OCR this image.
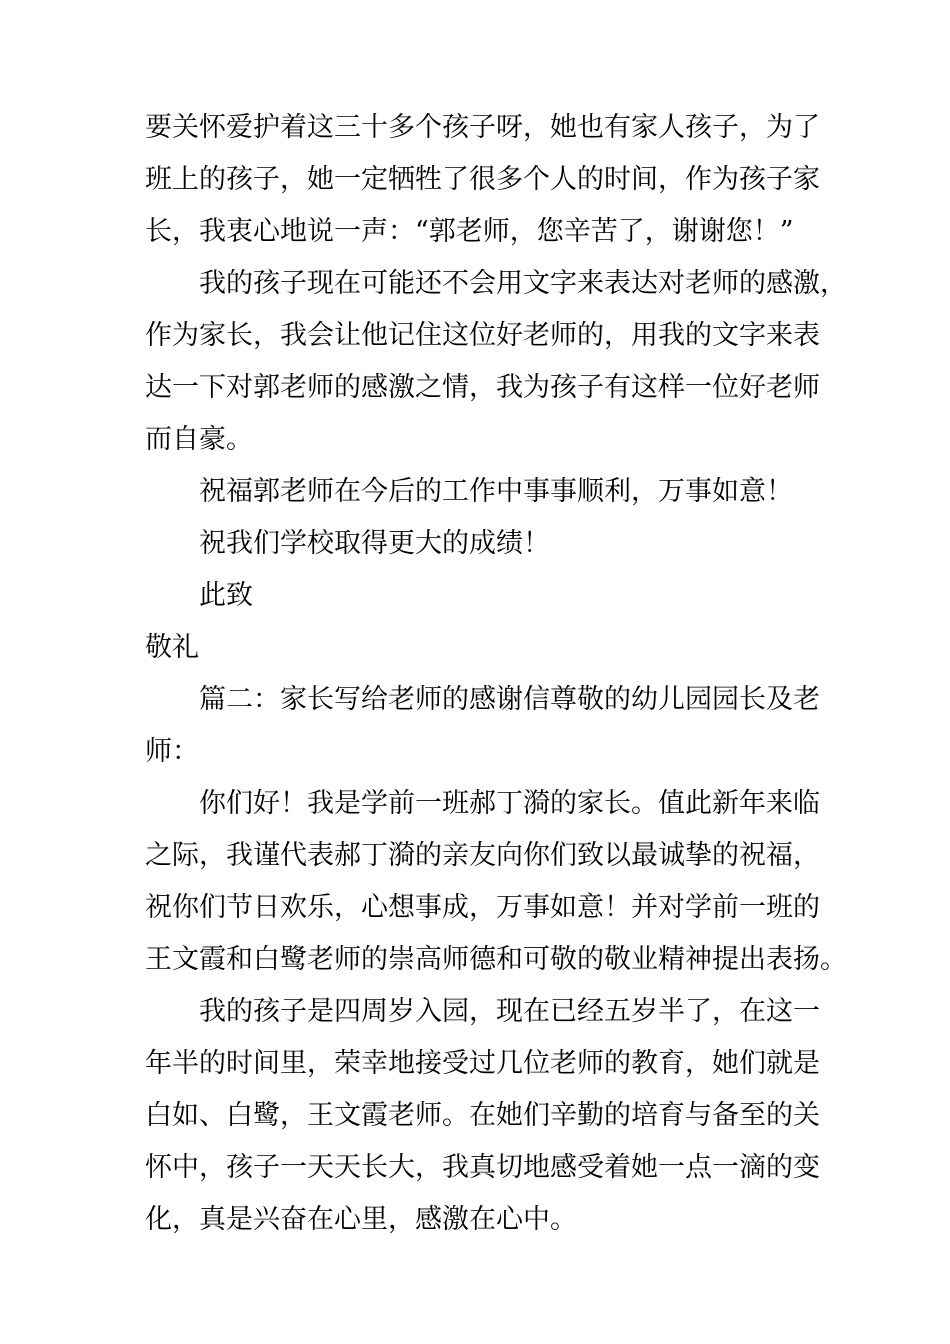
要关怀爱护着这三十多个孩子呀，她也有家人孩子，为了
班上的孩子，她一定牺牲了很多个人的时间，作为孩子家
长，我衷心地说一声：“郭老师，您辛苦了，谢谢您！”
我的孩子现在可能还不会用文字来表达对老师的感激，
作为家长，我会让他记住这位好老师的，用我的文字来表
达一下对郭老师的感激之情，我为孩子有这样一位好老师
而自豪。
祝福郭老师在今后的工作中事事顺利，万事如意！
祝我们学校取得更大的成绩！
此致
敬礼
篇二：家长写给老师的感谢信尊敬的幼儿园园长及老
师：
你们好！我是学前一班郝丁漪的家长。值此新年来临
之际，我谨代表郝丁漪的亲友向你们致以最诚挚的祝福，
祝你们节日欢乐，心想事成，万事如意！并对学前一班的
王文霞和白鹭老师的崇高师德和可敬的敬业精神提出表扬。
我的孩子是四周岁入园，现在已经五岁半了，在这一
年半的时间里，荣幸地接受过几位老师的教育，她们就是
白如、白鹭，王文霞老师。在她们辛勤的培育与备至的关
怀中，孩子一天天长大，我真切地感受着她一点一滴的变
化，真是兴奋在心里，感激在心中。
